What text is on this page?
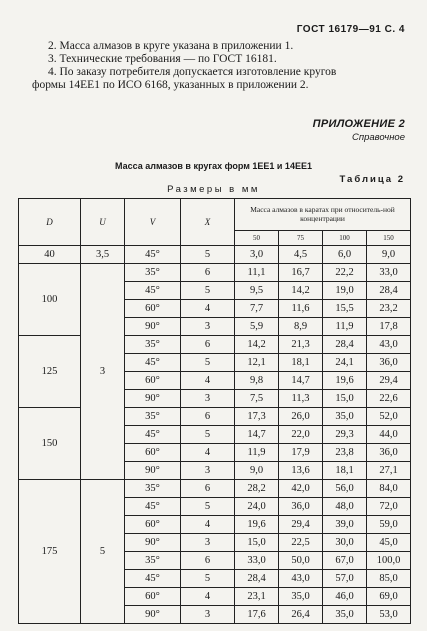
ГОСТ 16179—91 С. 4

2. Масса алмазов в круге указана в приложении 1.

3. Технические требования — по ГОСТ 16181.

4. По заказу потребителя допускается изготовление кругов

формы 14ЕЕ1 по ИСО 6168, указанных в приложении 2.

ПРИЛОЖЕНИЕ 2
Справочное
Масса алмазов в кругах форм 1ЕЕ1 и 14ЕЕ1
Таблица 2
Размеры в мм
D	U	V	X	Масса алмазов в каратах при относитель-ной концентрации			
				50	75	100	150
40	3,5	45°	5	3,0	4,5	6,0	9,0
100	3	35°	6	11,1	16,7	22,2	33,0
		45°	5	9,5	14,2	19,0	28,4
		60°	4	7,7	11,6	15,5	23,2
		90°	3	5,9	8,9	11,9	17,8
125		35°	6	14,2	21,3	28,4	43,0
		45°	5	12,1	18,1	24,1	36,0
		60°	4	9,8	14,7	19,6	29,4
		90°	3	7,5	11,3	15,0	22,6
150		35°	6	17,3	26,0	35,0	52,0
		45°	5	14,7	22,0	29,3	44,0
		60°	4	11,9	17,9	23,8	36,0
		90°	3	9,0	13,6	18,1	27,1
175	5	35°	6	28,2	42,0	56,0	84,0
		45°	5	24,0	36,0	48,0	72,0
		60°	4	19,6	29,4	39,0	59,0
		90°	3	15,0	22,5	30,0	45,0
		35°	6	33,0	50,0	67,0	100,0
		45°	5	28,4	43,0	57,0	85,0
		60°	4	23,1	35,0	46,0	69,0
		90°	3	17,6	26,4	35,0	53,0
